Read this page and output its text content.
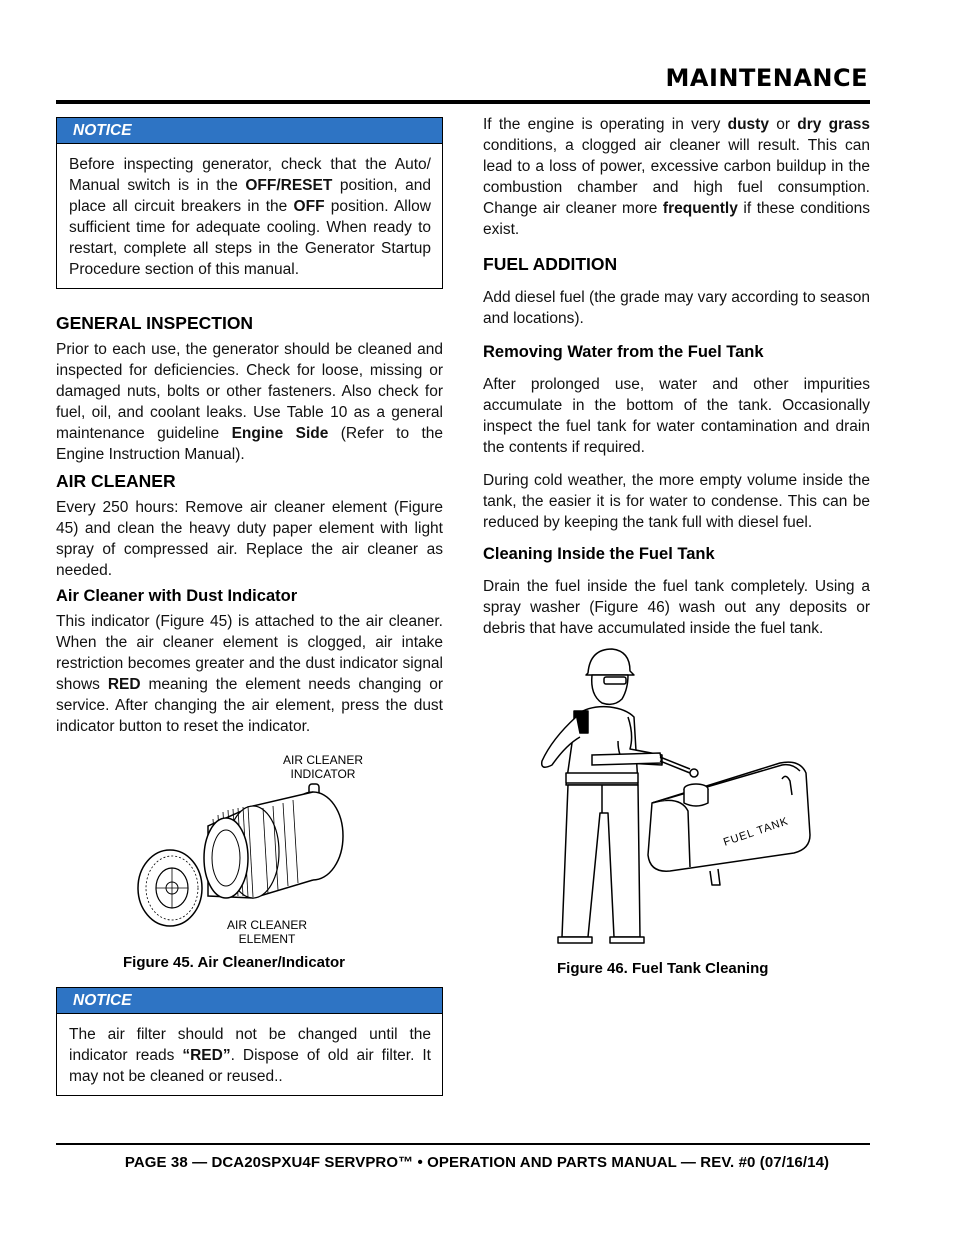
MAINTENANCE
NOTICE

Before inspecting generator, check that the Auto/ Manual switch is in the OFF/RESET position, and place all circuit breakers in the OFF position. Allow sufficient time for adequate cooling. When ready to restart, complete all steps in the Generator Startup Procedure section of this manual.

GENERAL INSPECTION

Prior to each use, the generator should be cleaned and inspected for deficiencies. Check for loose, missing or damaged nuts, bolts or other fasteners. Also check for fuel, oil, and coolant leaks. Use Table 10 as a general maintenance guideline Engine Side (Refer to the Engine Instruction Manual).

AIR CLEANER

Every 250 hours: Remove air cleaner element (Figure 45) and clean the heavy duty paper element with light spray of compressed air. Replace the air cleaner as needed.

Air Cleaner with Dust Indicator

This indicator (Figure 45) is attached to the air cleaner. When the air cleaner element is clogged, air intake restriction becomes greater and the dust indicator signal shows RED meaning the element needs changing or service. After changing the air element, press the dust indicator button to reset the indicator.

AIR CLEANER
INDICATOR
AIR CLEANER
ELEMENT
Figure 45. Air Cleaner/Indicator
NOTICE

The air filter should not be changed until the indicator reads “RED”. Dispose of old air filter. It may not be cleaned or reused..

If the engine is operating in very dusty or dry grass conditions, a clogged air cleaner will result. This can lead to a loss of power, excessive carbon buildup in the combustion chamber and high fuel consumption. Change air cleaner more frequently if these conditions exist.

FUEL ADDITION

Add diesel fuel (the grade may vary according to season and locations).

Removing Water from the Fuel Tank

After prolonged use, water and other impurities accumulate in the bottom of the tank. Occasionally inspect the fuel tank for water contamination and drain the contents if required.

During cold weather, the more empty volume inside the tank, the easier it is for water to condense. This can be reduced by keeping the tank full with diesel fuel.

Cleaning Inside the Fuel Tank

Drain the fuel inside the fuel tank completely. Using a spray washer (Figure 46) wash out any deposits or debris that have accumulated inside the fuel tank.

FUEL TANK
Figure 46. Fuel Tank Cleaning
PAGE 38 — DCA20SPXU4F SERVPRO™ • OPERATION AND PARTS MANUAL — REV. #0 (07/16/14)
